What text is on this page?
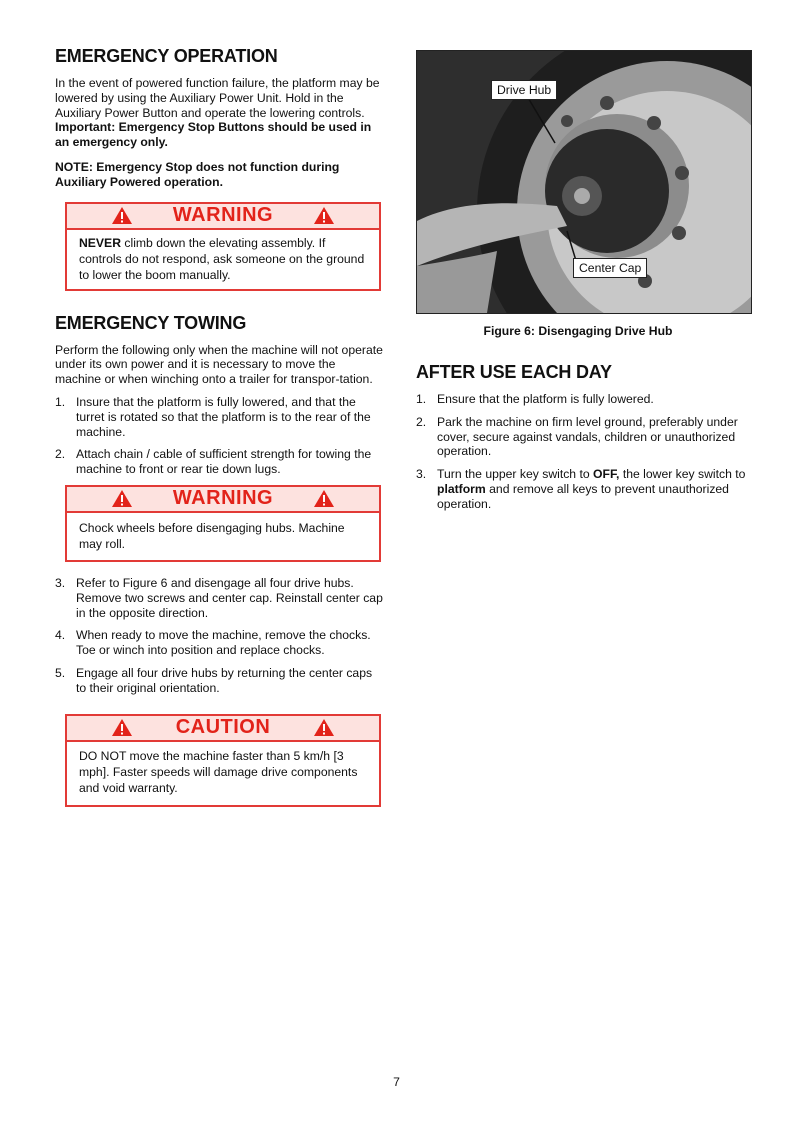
EMERGENCY OPERATION

In the event of powered function failure, the platform may be lowered by using the Auxiliary Power Unit. Hold in the Auxiliary Power Button and operate the lowering controls. Important: Emergency Stop Buttons should be used in an emergency only.

NOTE: Emergency Stop does not function during Auxiliary Powered operation.

WARNING
NEVER climb down the elevating assembly. If controls do not respond, ask someone on the ground to lower the boom manually.
EMERGENCY TOWING

Perform the following only when the machine will not operate under its own power and it is necessary to move the machine or when winching onto a trailer for transpor-tation.

1. Insure that the platform is fully lowered, and that the turret is rotated so that the platform is to the rear of the machine.
2. Attach chain / cable of sufficient strength for towing the machine to front or rear tie down lugs.
WARNING
Chock wheels before disengaging hubs. Machine may roll.
3. Refer to Figure 6 and disengage all four drive hubs. Remove two screws and center cap. Reinstall center cap in the opposite direction.
4. When ready to move the machine, remove the chocks. Toe or winch into position and replace chocks.
5. Engage all four drive hubs by returning the center caps to their original orientation.
CAUTION
DO NOT move the machine faster than 5 km/h [3 mph]. Faster speeds will damage drive components and void warranty.
Drive Hub
Center Cap
Figure 6: Disengaging Drive Hub
AFTER USE EACH DAY
1. Ensure that the platform is fully lowered.
2. Park the machine on firm level ground, preferably under cover, secure against vandals, children or unauthorized operation.
3. Turn the upper key switch to OFF, the lower key switch to platform and remove all keys to prevent unauthorized operation.
7
